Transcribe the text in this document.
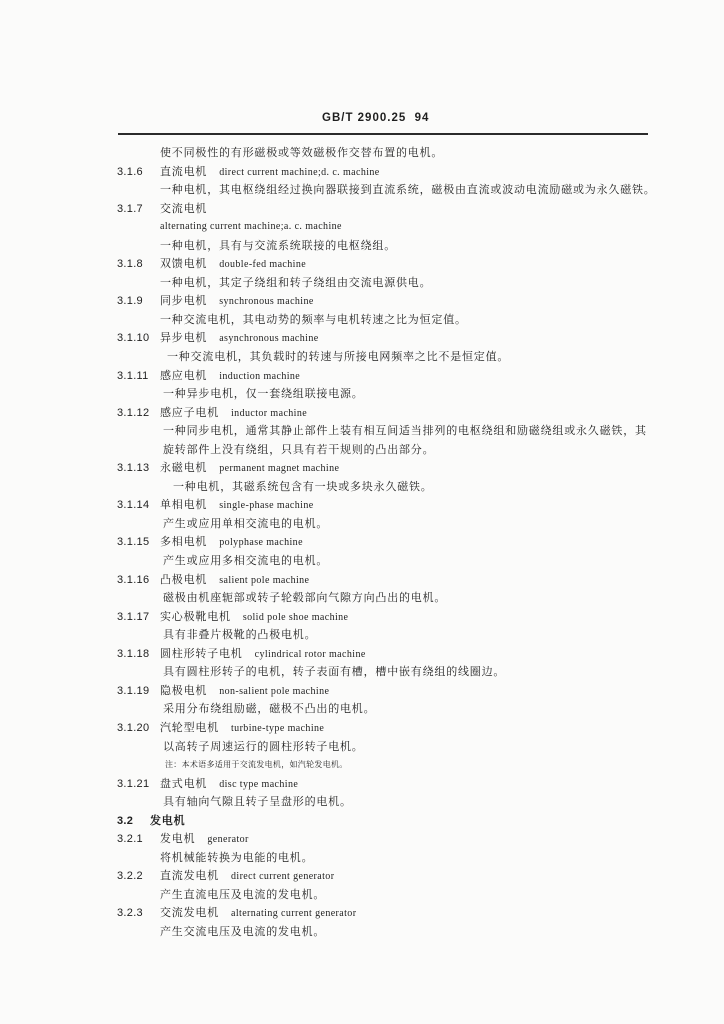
GB/T 2900.25  94
使不同极性的有形磁极或等效磁极作交替布置的电机。
3.1.6 直流电机 direct current machine;d. c. machine
一种电机，其电枢绕组经过换向器联接到直流系统，磁极由直流或波动电流励磁或为永久磁铁。
3.1.7 交流电机
alternating current machine;a. c. machine
一种电机，具有与交流系统联接的电枢绕组。
3.1.8 双馈电机 double-fed machine
一种电机，其定子绕组和转子绕组由交流电源供电。
3.1.9 同步电机 synchronous machine
一种交流电机，其电动势的频率与电机转速之比为恒定值。
3.1.10 异步电机 asynchronous machine
一种交流电机，其负载时的转速与所接电网频率之比不是恒定值。
3.1.11 感应电机 induction machine
一种异步电机，仅一套绕组联接电源。
3.1.12 感应子电机 inductor machine
一种同步电机，通常其静止部件上装有相互间适当排列的电枢绕组和励磁绕组或永久磁铁，其
旋转部件上没有绕组，只具有若干规则的凸出部分。
3.1.13 永磁电机 permanent magnet machine
一种电机，其磁系统包含有一块或多块永久磁铁。
3.1.14 单相电机 single-phase machine
产生或应用单相交流电的电机。
3.1.15 多相电机 polyphase machine
产生或应用多相交流电的电机。
3.1.16 凸极电机 salient pole machine
磁极由机座轭部或转子轮毂部向气隙方向凸出的电机。
3.1.17 实心极靴电机 solid pole shoe machine
具有非叠片极靴的凸极电机。
3.1.18 圆柱形转子电机 cylindrical rotor machine
具有圆柱形转子的电机，转子表面有槽，槽中嵌有绕组的线圈边。
3.1.19 隐极电机 non-salient pole machine
采用分布绕组励磁，磁极不凸出的电机。
3.1.20 汽轮型电机 turbine-type machine
以高转子周速运行的圆柱形转子电机。
注：本术语多适用于交流发电机，如汽轮发电机。
3.1.21 盘式电机 disc type machine
具有轴向气隙且转子呈盘形的电机。
3.2 发电机
3.2.1 发电机 generator
将机械能转换为电能的电机。
3.2.2 直流发电机 direct current generator
产生直流电压及电流的发电机。
3.2.3 交流发电机 alternating current generator
产生交流电压及电流的发电机。
